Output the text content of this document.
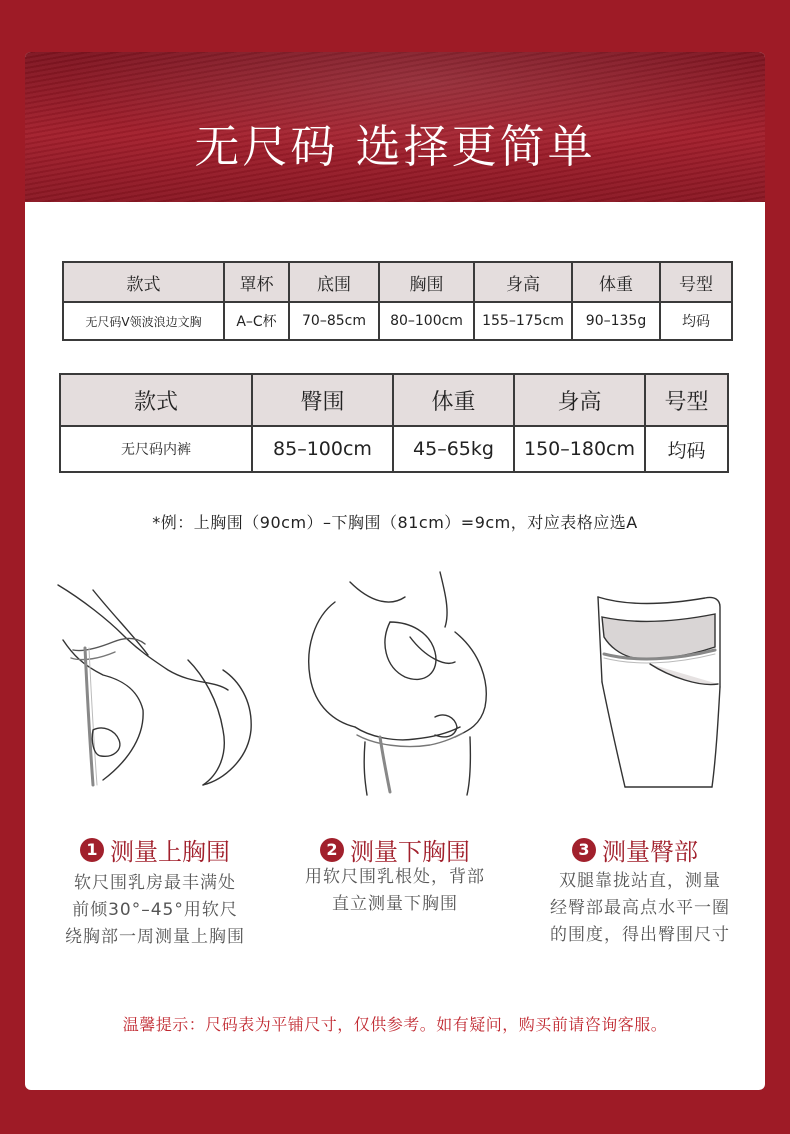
无尺码 选择更简单
款式	罩杯	底围	胸围	身高	体重	号型
无尺码V领波浪边文胸	A–C杯	70–85cm	80–100cm	155–175cm	90–135g	均码
款式	臀围	体重	身高	号型
无尺码内裤	85–100cm	45–65kg	150–180cm	均码
*例：上胸围（90cm）–下胸围（81cm）=9cm，对应表格应选A
1 测量上胸围
软尺围乳房最丰满处
前倾30°–45°用软尺
绕胸部一周测量上胸围
2 测量下胸围
用软尺围乳根处，背部
直立测量下胸围
3 测量臀部
双腿靠拢站直，测量
经臀部最高点水平一圈
的围度，得出臀围尺寸
温馨提示：尺码表为平铺尺寸，仅供参考。如有疑问，购买前请咨询客服。
